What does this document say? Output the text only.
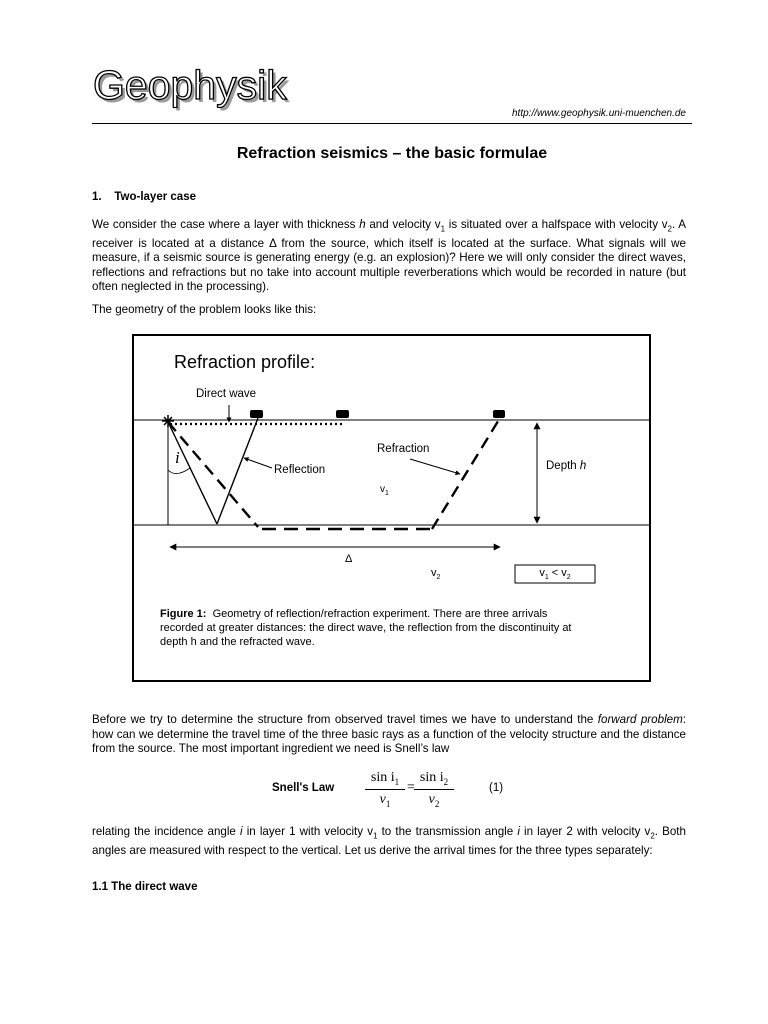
Geophysik
http://www.geophysik.uni-muenchen.de
Refraction seismics – the basic formulae
1. Two-layer case
We consider the case where a layer with thickness h and velocity $v_1$ is situated over a halfspace with velocity $v_2$. A receiver is located at a distance Δ from the source, which itself is located at the surface. What signals will we measure, if a seismic source is generating energy (e.g. an explosion)? Here we will only consider the direct waves, reflections and refractions but no take into account multiple reverberations which would be recorded in nature (but often neglected in the processing).
The geometry of the problem looks like this:
Refraction profile:
Direct wave
Refraction
Reflection	Depth h
i
$v_1$
Δ
$v_2$	$v_1 < v_2$
Figure 1: Geometry of reflection/refraction experiment. There are three arrivals recorded at greater distances: the direct wave, the reflection from the discontinuity at depth h and the refracted wave.
Before we try to determine the structure from observed travel times we have to understand the forward problem: how can we determine the travel time of the three basic rays as a function of the velocity structure and the distance from the source. The most important ingredient we need is Snell’s law
Snell's Law $\frac{\sin i_1}{v_1} = \frac{\sin i_2}{v_2}$	(1)
relating the incidence angle i in layer 1 with velocity $v_1$ to the transmission angle i in layer 2 with velocity $v_2$. Both angles are measured with respect to the vertical. Let us derive the arrival times for the three types separately:
1.1 The direct wave
